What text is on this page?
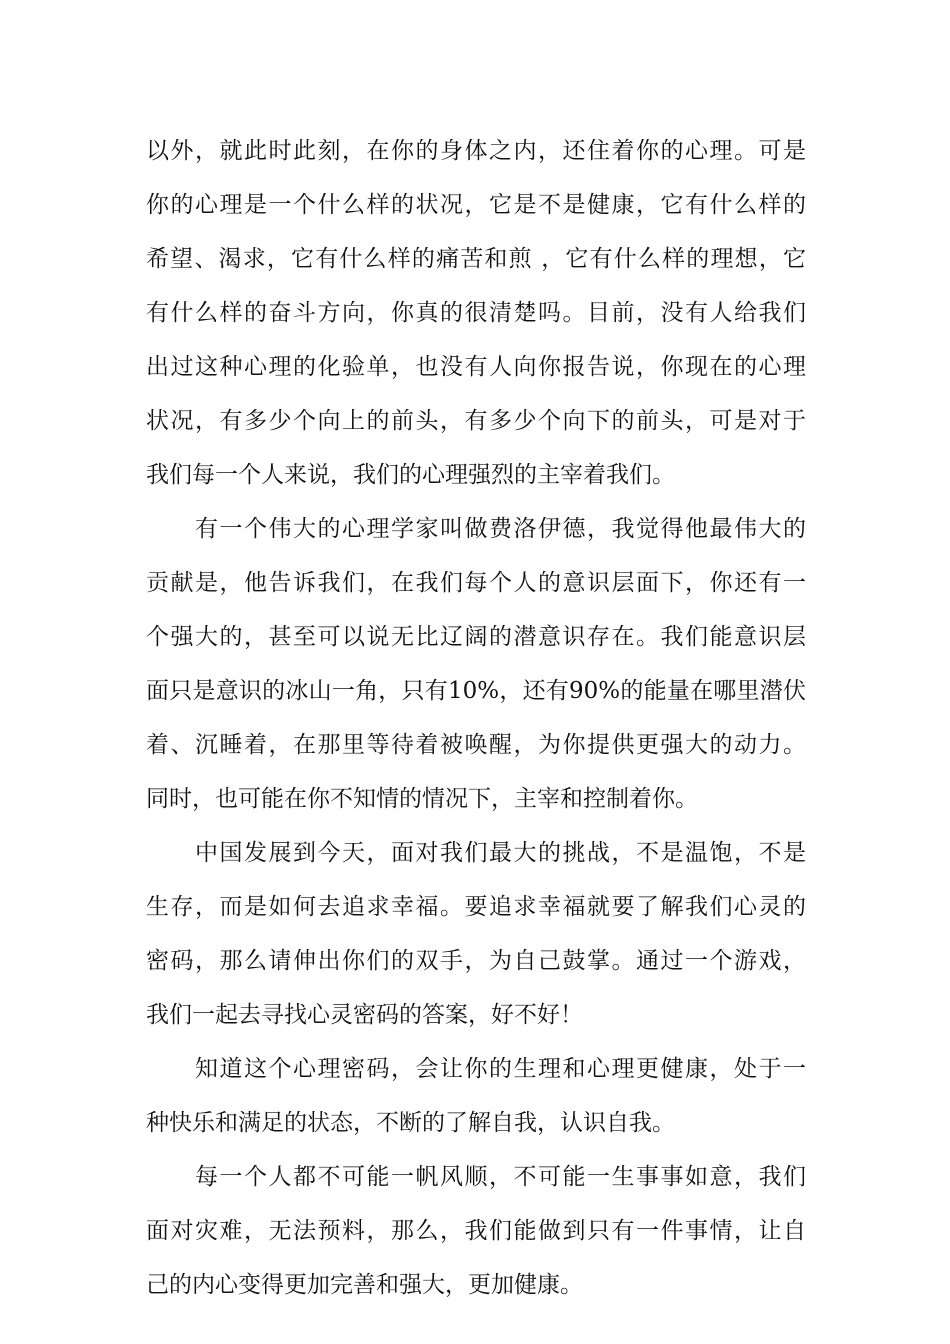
以外，就此时此刻，在你的身体之内，还住着你的心理。可是
你的心理是一个什么样的状况，它是不是健康，它有什么样的
希望、渴求，它有什么样的痛苦和煎 ，它有什么样的理想，它
有什么样的奋斗方向，你真的很清楚吗。目前，没有人给我们
出过这种心理的化验单，也没有人向你报告说，你现在的心理
状况，有多少个向上的前头，有多少个向下的前头，可是对于
我们每一个人来说，我们的心理强烈的主宰着我们。
　　有一个伟大的心理学家叫做费洛伊德，我觉得他最伟大的
贡献是，他告诉我们，在我们每个人的意识层面下，你还有一
个强大的，甚至可以说无比辽阔的潜意识存在。我们能意识层
面只是意识的冰山一角，只有10%，还有90%的能量在哪里潜伏
着、沉睡着，在那里等待着被唤醒，为你提供更强大的动力。
同时，也可能在你不知情的情况下，主宰和控制着你。
　　中国发展到今天，面对我们最大的挑战，不是温饱，不是
生存，而是如何去追求幸福。要追求幸福就要了解我们心灵的
密码，那么请伸出你们的双手，为自己鼓掌。通过一个游戏，
我们一起去寻找心灵密码的答案，好不好！
　　知道这个心理密码，会让你的生理和心理更健康，处于一
种快乐和满足的状态，不断的了解自我，认识自我。
　　每一个人都不可能一帆风顺，不可能一生事事如意，我们
面对灾难，无法预料，那么，我们能做到只有一件事情，让自
己的内心变得更加完善和强大，更加健康。
